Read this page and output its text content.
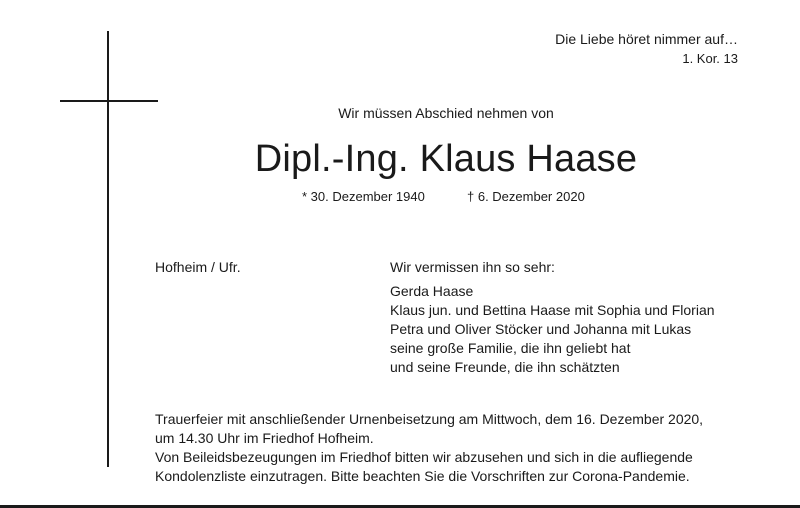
Die Liebe höret nimmer auf…
1. Kor. 13
Wir müssen Abschied nehmen von
Dipl.-Ing. Klaus Haase
* 30. Dezember 1940	† 6. Dezember 2020
Hofheim / Ufr.	Wir vermissen ihn so sehr:
Gerda Haase
Klaus jun. und Bettina Haase mit Sophia und Florian
Petra und Oliver Stöcker und Johanna mit Lukas
seine große Familie, die ihn geliebt hat
und seine Freunde, die ihn schätzten
Trauerfeier mit anschließender Urnenbeisetzung am Mittwoch, dem 16. Dezember 2020,
um 14.30 Uhr im Friedhof Hofheim.
Von Beileidsbezeugungen im Friedhof bitten wir abzusehen und sich in die aufliegende
Kondolenzliste einzutragen. Bitte beachten Sie die Vorschriften zur Corona-Pandemie.
